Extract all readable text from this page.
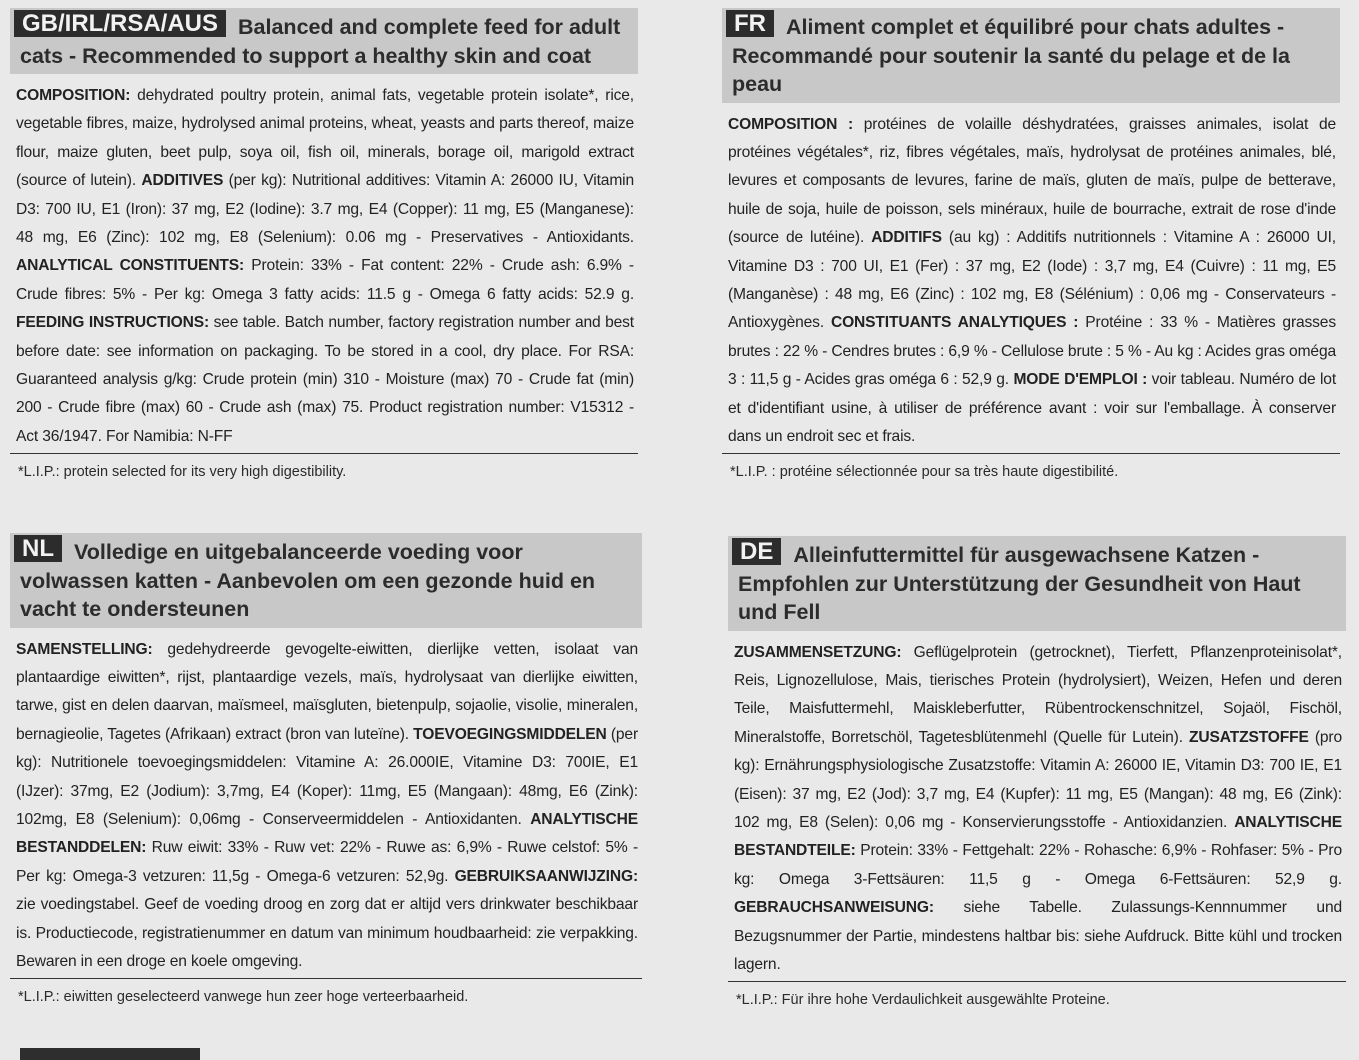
GB/IRL/RSA/AUS Balanced and complete feed for adult cats - Recommended to support a healthy skin and coat
COMPOSITION: dehydrated poultry protein, animal fats, vegetable protein isolate*, rice, vegetable fibres, maize, hydrolysed animal proteins, wheat, yeasts and parts thereof, maize flour, maize gluten, beet pulp, soya oil, fish oil, minerals, borage oil, marigold extract (source of lutein). ADDITIVES (per kg): Nutritional additives: Vitamin A: 26000 IU, Vitamin D3: 700 IU, E1 (Iron): 37 mg, E2 (Iodine): 3.7 mg, E4 (Copper): 11 mg, E5 (Manganese): 48 mg, E6 (Zinc): 102 mg, E8 (Selenium): 0.06 mg - Preservatives - Antioxidants. ANALYTICAL CONSTITUENTS: Protein: 33% - Fat content: 22% - Crude ash: 6.9% - Crude fibres: 5% - Per kg: Omega 3 fatty acids: 11.5 g - Omega 6 fatty acids: 52.9 g. FEEDING INSTRUCTIONS: see table. Batch number, factory registration number and best before date: see information on packaging. To be stored in a cool, dry place. For RSA: Guaranteed analysis g/kg: Crude protein (min) 310 - Moisture (max) 70 - Crude fat (min) 200 - Crude fibre (max) 60 - Crude ash (max) 75. Product registration number: V15312 - Act 36/1947. For Namibia: N-FF
*L.I.P.: protein selected for its very high digestibility.
FR Aliment complet et équilibré pour chats adultes - Recommandé pour soutenir la santé du pelage et de la peau
COMPOSITION : protéines de volaille déshydratées, graisses animales, isolat de protéines végétales*, riz, fibres végétales, maïs, hydrolysat de protéines animales, blé, levures et composants de levures, farine de maïs, gluten de maïs, pulpe de betterave, huile de soja, huile de poisson, sels minéraux, huile de bourrache, extrait de rose d'inde (source de lutéine). ADDITIFS (au kg) : Additifs nutritionnels : Vitamine A : 26000 UI, Vitamine D3 : 700 UI, E1 (Fer) : 37 mg, E2 (Iode) : 3,7 mg, E4 (Cuivre) : 11 mg, E5 (Manganèse) : 48 mg, E6 (Zinc) : 102 mg, E8 (Sélénium) : 0,06 mg - Conservateurs - Antioxygènes. CONSTITUANTS ANALYTIQUES : Protéine : 33 % - Matières grasses brutes : 22 % - Cendres brutes : 6,9 % - Cellulose brute : 5 % - Au kg : Acides gras oméga 3 : 11,5 g - Acides gras oméga 6 : 52,9 g. MODE D'EMPLOI : voir tableau. Numéro de lot et d'identifiant usine, à utiliser de préférence avant : voir sur l'emballage. À conserver dans un endroit sec et frais.
*L.I.P. : protéine sélectionnée pour sa très haute digestibilité.
NL Volledige en uitgebalanceerde voeding voor volwassen katten - Aanbevolen om een gezonde huid en vacht te ondersteunen
SAMENSTELLING: gedehydreerde gevogelte-eiwitten, dierlijke vetten, isolaat van plantaardige eiwitten*, rijst, plantaardige vezels, maïs, hydrolysaat van dierlijke eiwitten, tarwe, gist en delen daarvan, maïsmeel, maïsgluten, bietenpulp, sojaolie, visolie, mineralen, bernagieolie, Tagetes (Afrikaan) extract (bron van luteïne). TOEVOEGINGSMIDDELEN (per kg): Nutritionele toevoegingsmiddelen: Vitamine A: 26.000IE, Vitamine D3: 700IE, E1 (IJzer): 37mg, E2 (Jodium): 3,7mg, E4 (Koper): 11mg, E5 (Mangaan): 48mg, E6 (Zink): 102mg, E8 (Selenium): 0,06mg - Conserveermiddelen - Antioxidanten. ANALYTISCHE BESTANDDELEN: Ruw eiwit: 33% - Ruw vet: 22% - Ruwe as: 6,9% - Ruwe celstof: 5% - Per kg: Omega-3 vetzuren: 11,5g - Omega-6 vetzuren: 52,9g. GEBRUIKSAANWIJZING: zie voedingstabel. Geef de voeding droog en zorg dat er altijd vers drinkwater beschikbaar is. Productiecode, registratienummer en datum van minimum houdbaarheid: zie verpakking. Bewaren in een droge en koele omgeving.
*L.I.P.: eiwitten geselecteerd vanwege hun zeer hoge verteerbaarheid.
DE Alleinfuttermittel für ausgewachsene Katzen - Empfohlen zur Unterstützung der Gesundheit von Haut und Fell
ZUSAMMENSETZUNG: Geflügelprotein (getrocknet), Tierfett, Pflanzenproteinisolat*, Reis, Lignozellulose, Mais, tierisches Protein (hydrolysiert), Weizen, Hefen und deren Teile, Maisfuttermehl, Maiskleberfutter, Rübentrockenschnitzel, Sojaöl, Fischöl, Mineralstoffe, Borretschöl, Tagetesblütenmehl (Quelle für Lutein). ZUSATZSTOFFE (pro kg): Ernährungsphysiologische Zusatzstoffe: Vitamin A: 26000 IE, Vitamin D3: 700 IE, E1 (Eisen): 37 mg, E2 (Jod): 3,7 mg, E4 (Kupfer): 11 mg, E5 (Mangan): 48 mg, E6 (Zink): 102 mg, E8 (Selen): 0,06 mg - Konservierungsstoffe - Antioxidanzien. ANALYTISCHE BESTANDTEILE: Protein: 33% - Fettgehalt: 22% - Rohasche: 6,9% - Rohfaser: 5% - Pro kg: Omega 3-Fettsäuren: 11,5 g - Omega 6-Fettsäuren: 52,9 g. GEBRAUCHSANWEISUNG: siehe Tabelle. Zulassungs-Kennnummer und Bezugsnummer der Partie, mindestens haltbar bis: siehe Aufdruck. Bitte kühl und trocken lagern.
*L.I.P.: Für ihre hohe Verdaulichkeit ausgewählte Proteine.
